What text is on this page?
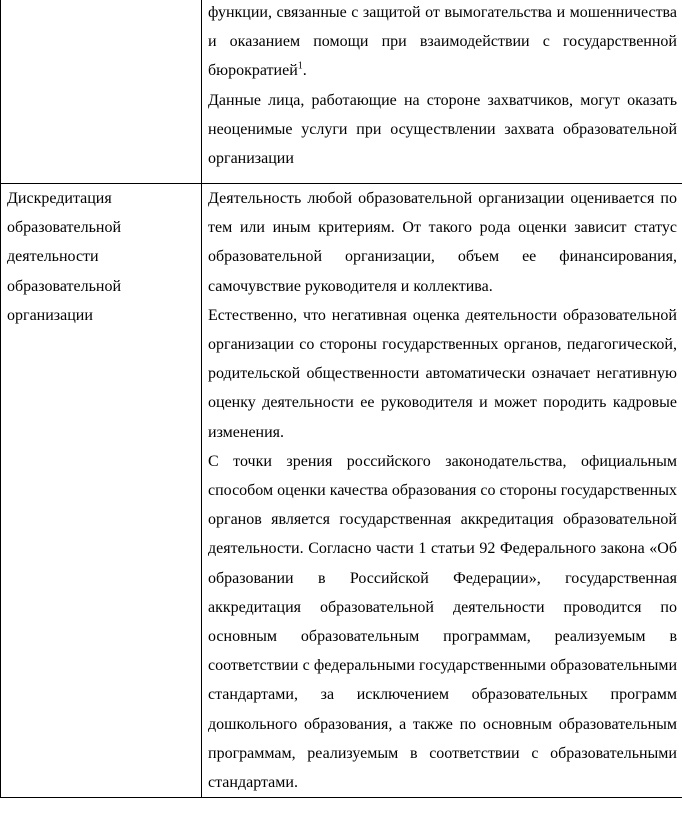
	функции, связанные с защитой от вымогательства и мошенничества и оказанием помощи при взаимодействии с государственной бюрократией$^1$.

Данные лица, работающие на стороне захватчиков, могут оказать неоценимые услуги при осуществлении захвата образовательной организации

Дискредитация образовательной деятельности образовательной организации	Деятельность любой образовательной организации оценивается по тем или иным критериям. От такого рода оценки зависит статус образовательной организации, объем ее финансирования, самочувствие руководителя и коллектива.

Естественно, что негативная оценка деятельности образовательной организации со стороны государственных органов, педагогической, родительской общественности автоматически означает негативную оценку деятельности ее руководителя и может породить кадровые изменения.

С точки зрения российского законодательства, официальным способом оценки качества образования со стороны государственных органов является государственная аккредитация образовательной деятельности. Согласно части 1 статьи 92 Федерального закона «Об образовании в Российской Федерации», государственная аккредитация образовательной деятельности проводится по основным образовательным программам, реализуемым в соответствии с федеральными государственными образовательными стандартами, за исключением образовательных программ дошкольного образования, а также по основным образовательным программам, реализуемым в соответствии с образовательными стандартами.
